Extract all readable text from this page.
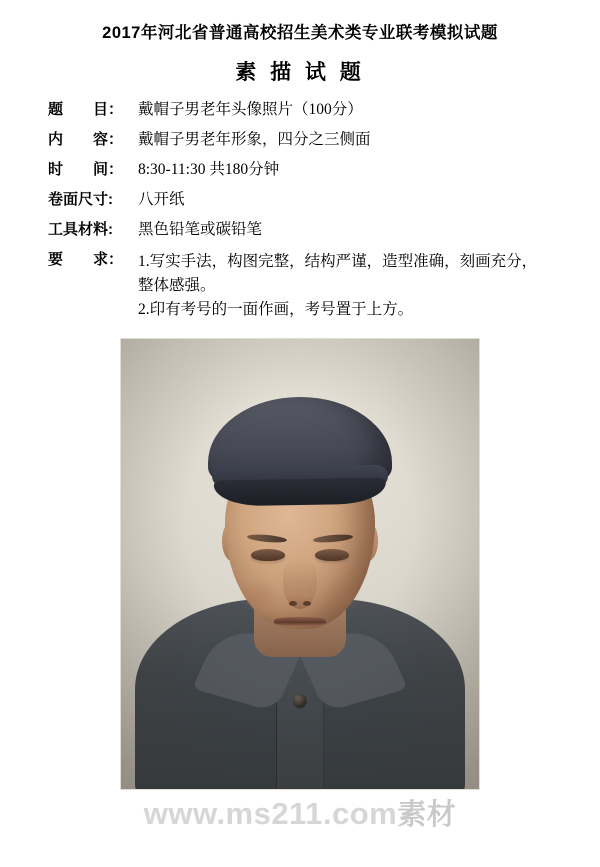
2017年河北省普通高校招生美术类专业联考模拟试题
素 描 试 题
题　　目： 戴帽子男老年头像照片（100分）
内　　容： 戴帽子男老年形象，四分之三侧面
时　　间： 8:30-11:30 共180分钟
卷面尺寸:	八开纸
工具材料:	黑色铅笔或碳铅笔
要　　求： 1.写实手法，构图完整，结构严谨，造型准确，刻画充分，
整体感强。
2.印有考号的一面作画，考号置于上方。
www.ms211.com素材
